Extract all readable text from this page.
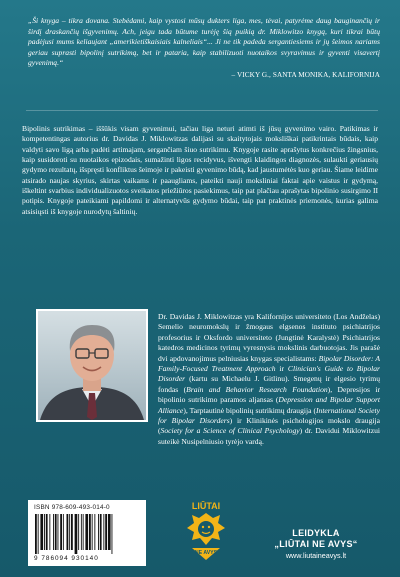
„Ši knyga – tikra dovana. Stebėdami, kaip vystosi mūsų dukters liga, mes, tėvai, patyrėme daug bauginančių ir širdį draskančių išgyvenimų. Ach, jeigu tada būtume turėję šią puikią dr. Miklowitzo knygą, kuri tikrai būtų padėjusi mums keliaujant „amerikietiškaisiais kalneliais“... Ji ne tik padeda sergantiesiems ir jų šeimos nariams geriau suprasti bipolinį sutrikimą, bet ir pataria, kaip stabilizuoti nuotaikos svyravimus ir gyventi visavertį gyvenimą.“
– VICKY G., SANTA MONIKA, KALIFORNIJA
Bipolinis sutrikimas – iššūkis visam gyvenimui, tačiau liga neturi atimti iš jūsų gyvenimo vairo. Patikimas ir kompetentingas autorius dr. Davidas J. Miklowitzas dalijasi su skaitytojais moksliškai patikrintais būdais, kaip valdyti savo ligą arba padėti artimajam, sergančiam šiuo sutrikimu. Knygoje rasite aprašytus konkrečius žingsnius, kaip susidoroti su nuotaikos epizodais, sumažinti ligos recidyvus, išvengti klaidingos diagnozės, sulaukti geriausių gydymo rezultatų, išspręsti konfliktus šeimoje ir pakeisti gyvenimo būdą, kad jaustumėtės kuo geriau. Šiame leidime atsirado naujas skyrius, skirtas vaikams ir paaugliams, pateikti nauji moksliniai faktai apie vaistus ir gydymą, iškeltint svarbius individualizuotos sveikatos priežiūros pasiekimus, taip pat plačiau aprašytas bipolinio susirgimo II potipis. Knygoje pateikiami papildomi ir alternatyvūs gydymo būdai, taip pat praktinės priemonės, kurias galima atsisiųsti iš knygoje nurodytų šaltinių.
Dr. Davidas J. Miklowitzas yra Kalifornijos universiteto (Los Andželas) Semelio neuromokslų ir žmogaus elgsenos instituto psichiatrijos profesorius ir Oksfordo universiteto (Jungtinė Karalystė) Psichiatrijos katedros medicinos tyrimų vyresnysis mokslinis darbuotojas. Jis parašė dvi apdovanojimus pelniusias knygas specialistams: Bipolar Disorder: A Family-Focused Treatment Approach ir Clinician's Guide to Bipolar Disorder (kartu su Michaelu J. Gitlinu). Smegenų ir elgesio tyrimų fondas (Brain and Behavior Research Foundation), Depresijos ir bipolinio sutrikimo paramos aljansas (Depression and Bipolar Support Alliance), Tarptautinė bipolinių sutrikimų draugija (International Society for Bipolar Disorders) ir Klinikinės psichologijos mokslo draugija (Society for a Science of Clinical Psychology) dr. Davidui Miklowitzui suteikė Nusipelniusio tyrėjo vardą.
ISBN 978-609-493-014-0
9 786094 930140
LIŪTAI
NE AVYS
LEIDYKLA
„LIŪTAI NE AVYS“
www.liutaineavys.lt
